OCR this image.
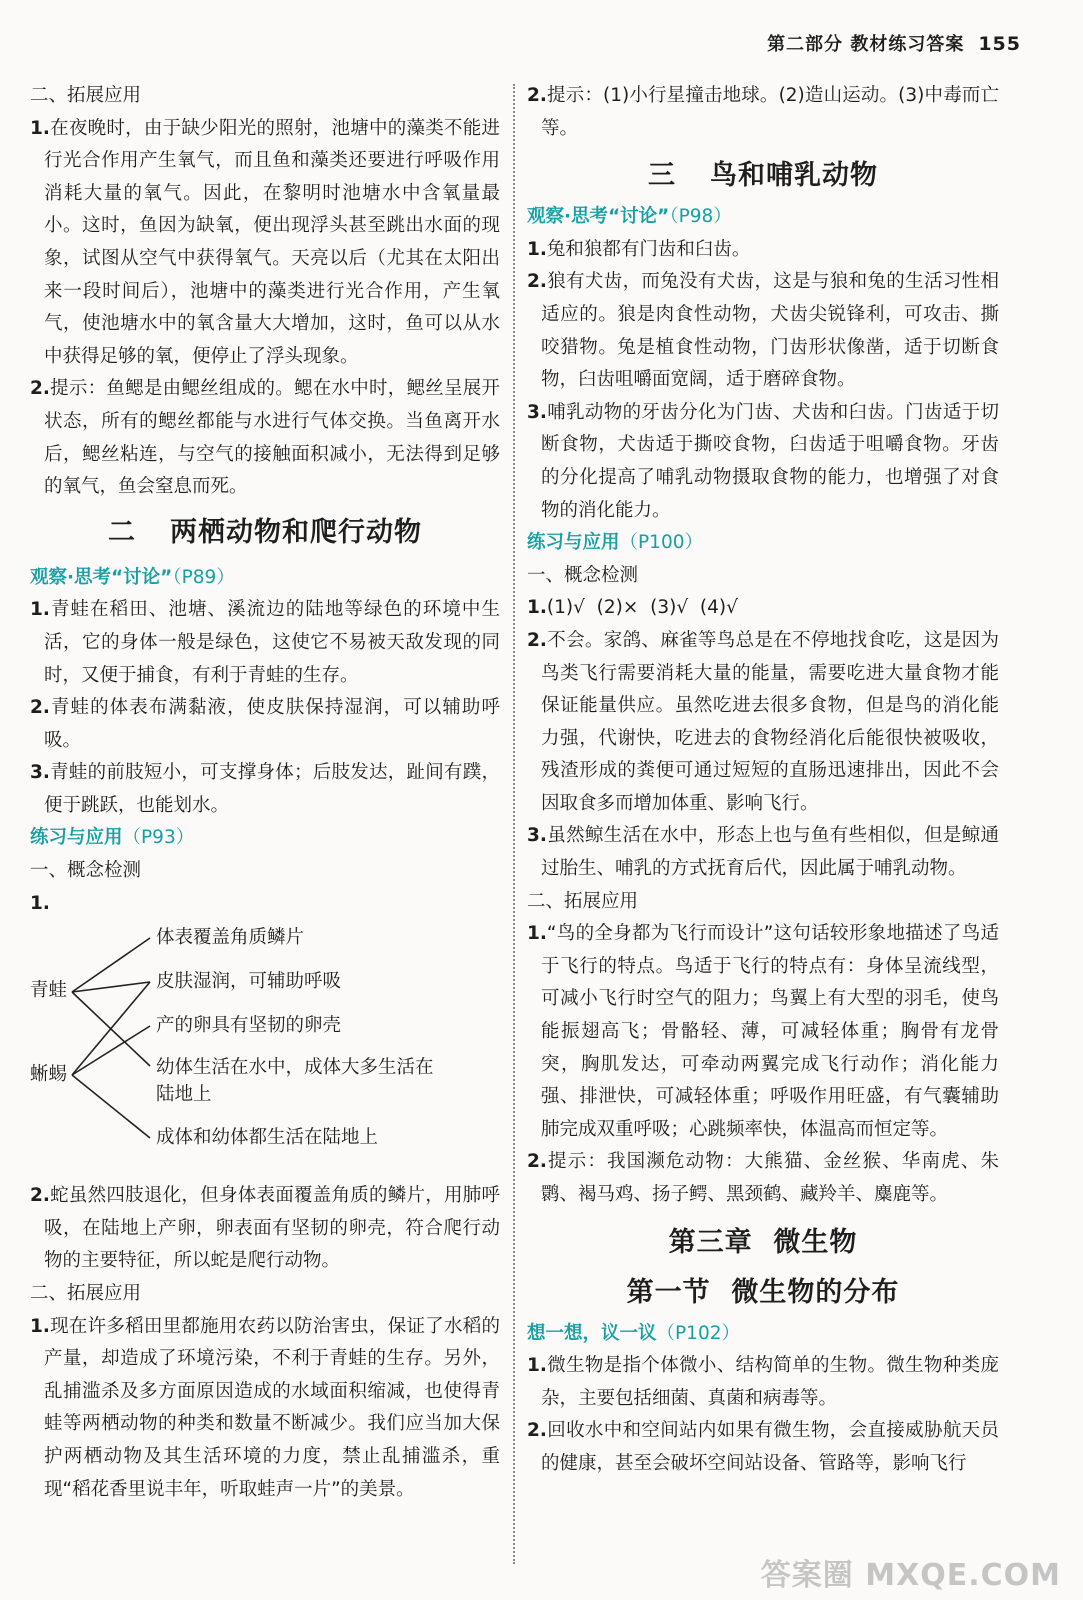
第二部分 教材练习答案 155

二、拓展应用

1.在夜晚时，由于缺少阳光的照射，池塘中的藻类不能进行光合作用产生氧气，而且鱼和藻类还要进行呼吸作用消耗大量的氧气。因此，在黎明时池塘水中含氧量最小。这时，鱼因为缺氧，便出现浮头甚至跳出水面的现象，试图从空气中获得氧气。天亮以后（尤其在太阳出来一段时间后），池塘中的藻类进行光合作用，产生氧气，使池塘水中的氧含量大大增加，这时，鱼可以从水中获得足够的氧，便停止了浮头现象。

2.提示：鱼鳃是由鳃丝组成的。鳃在水中时，鳃丝呈展开状态，所有的鳃丝都能与水进行气体交换。当鱼离开水后，鳃丝粘连，与空气的接触面积减小，无法得到足够的氧气，鱼会窒息而死。

二 两栖动物和爬行动物

观察·思考“讨论”（P89）

1.青蛙在稻田、池塘、溪流边的陆地等绿色的环境中生活，它的身体一般是绿色，这使它不易被天敌发现的同时，又便于捕食，有利于青蛙的生存。

2.青蛙的体表布满黏液，使皮肤保持湿润，可以辅助呼吸。

3.青蛙的前肢短小，可支撑身体；后肢发达，趾间有蹼，便于跳跃，也能划水。

练习与应用（P93）

一、概念检测

1.

青蛙
蜥蜴
体表覆盖角质鳞片
皮肤湿润，可辅助呼吸
产的卵具有坚韧的卵壳
幼体生活在水中，成体大多生活在
陆地上
成体和幼体都生活在陆地上

2.蛇虽然四肢退化，但身体表面覆盖角质的鳞片，用肺呼吸，在陆地上产卵，卵表面有坚韧的卵壳，符合爬行动物的主要特征，所以蛇是爬行动物。

二、拓展应用

1.现在许多稻田里都施用农药以防治害虫，保证了水稻的产量，却造成了环境污染，不利于青蛙的生存。另外，乱捕滥杀及多方面原因造成的水域面积缩减，也使得青蛙等两栖动物的种类和数量不断减少。我们应当加大保护两栖动物及其生活环境的力度，禁止乱捕滥杀，重现“稻花香里说丰年，听取蛙声一片”的美景。

2.提示：(1)小行星撞击地球。(2)造山运动。(3)中毒而亡等。

三 鸟和哺乳动物

观察·思考“讨论”（P98）

1.兔和狼都有门齿和臼齿。

2.狼有犬齿，而兔没有犬齿，这是与狼和兔的生活习性相适应的。狼是肉食性动物，犬齿尖锐锋利，可攻击、撕咬猎物。兔是植食性动物，门齿形状像凿，适于切断食物，臼齿咀嚼面宽阔，适于磨碎食物。

3.哺乳动物的牙齿分化为门齿、犬齿和臼齿。门齿适于切断食物，犬齿适于撕咬食物，臼齿适于咀嚼食物。牙齿的分化提高了哺乳动物摄取食物的能力，也增强了对食物的消化能力。

练习与应用（P100）

一、概念检测

1.(1)√  (2)×  (3)√  (4)√

2.不会。家鸽、麻雀等鸟总是在不停地找食吃，这是因为鸟类飞行需要消耗大量的能量，需要吃进大量食物才能保证能量供应。虽然吃进去很多食物，但是鸟的消化能力强，代谢快，吃进去的食物经消化后能很快被吸收，残渣形成的粪便可通过短短的直肠迅速排出，因此不会因取食多而增加体重、影响飞行。

3.虽然鲸生活在水中，形态上也与鱼有些相似，但是鲸通过胎生、哺乳的方式抚育后代，因此属于哺乳动物。

二、拓展应用

1.“鸟的全身都为飞行而设计”这句话较形象地描述了鸟适于飞行的特点。鸟适于飞行的特点有：身体呈流线型，可减小飞行时空气的阻力；鸟翼上有大型的羽毛，使鸟能振翅高飞；骨骼轻、薄，可减轻体重；胸骨有龙骨突，胸肌发达，可牵动两翼完成飞行动作；消化能力强、排泄快，可减轻体重；呼吸作用旺盛，有气囊辅助肺完成双重呼吸；心跳频率快，体温高而恒定等。

2.提示：我国濒危动物：大熊猫、金丝猴、华南虎、朱鹮、褐马鸡、扬子鳄、黑颈鹤、藏羚羊、麋鹿等。

第三章  微生物

第一节  微生物的分布

想一想，议一议（P102）

1.微生物是指个体微小、结构简单的生物。微生物种类庞杂，主要包括细菌、真菌和病毒等。

2.回收水中和空间站内如果有微生物，会直接威胁航天员的健康，甚至会破坏空间站设备、管路等，影响飞行

答案圈 MXQE.COM
